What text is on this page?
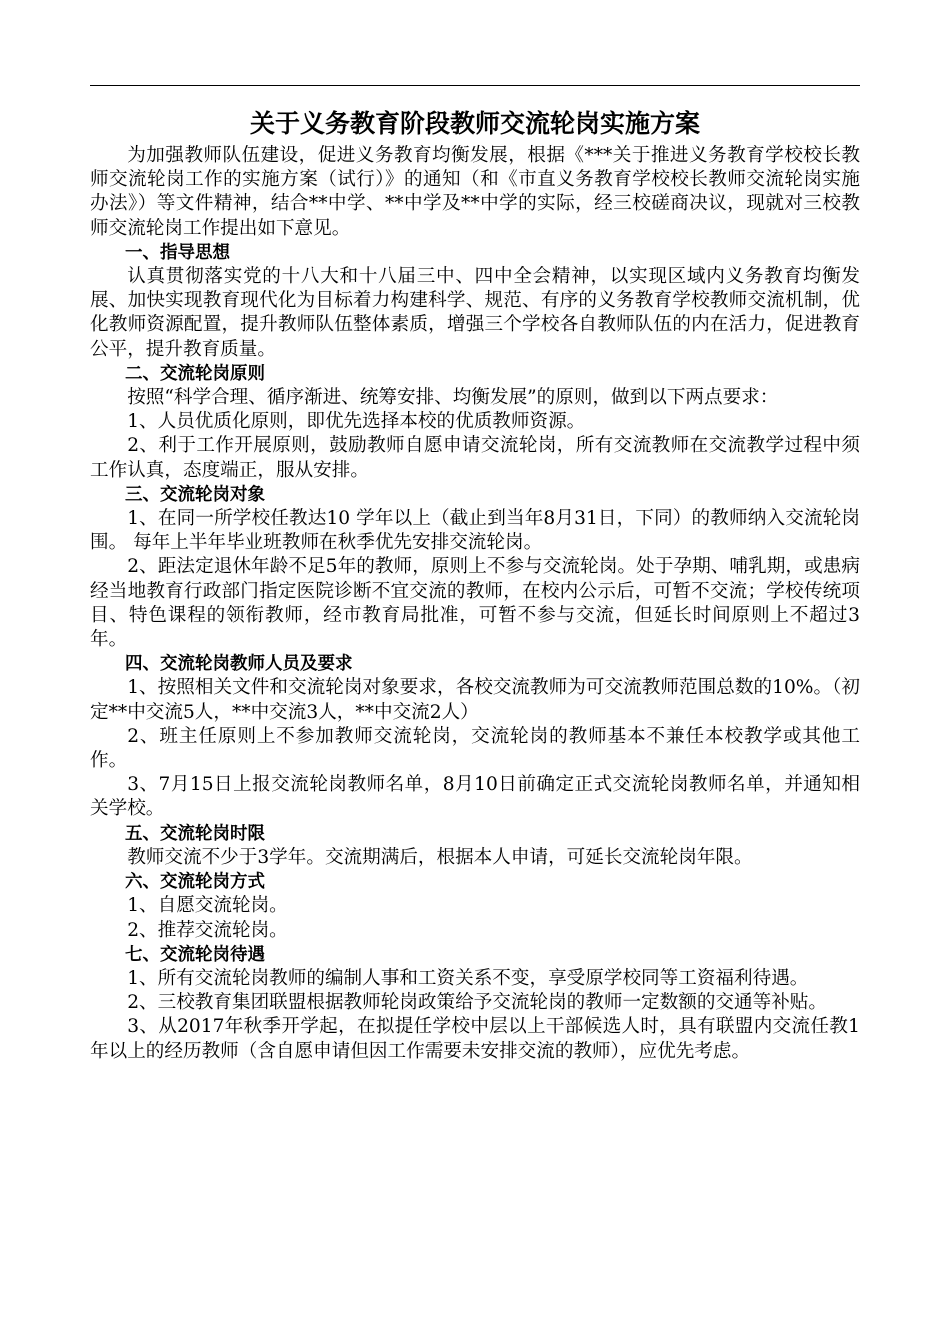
关于义务教育阶段教师交流轮岗实施方案

为加强教师队伍建设，促进义务教育均衡发展，根据《***关于推进义务教育学校校长教师交流轮岗工作的实施方案（试行）》的通知（和《市直义务教育学校校长教师交流轮岗实施办法》）等文件精神，结合**中学、**中学及**中学的实际，经三校磋商决议，现就对三校教师交流轮岗工作提出如下意见。

一、指导思想

认真贯彻落实党的十八大和十八届三中、四中全会精神，以实现区域内义务教育均衡发展、加快实现教育现代化为目标着力构建科学、规范、有序的义务教育学校教师交流机制，优化教师资源配置，提升教师队伍整体素质，增强三个学校各自教师队伍的内在活力，促进教育公平，提升教育质量。

二、交流轮岗原则

按照“科学合理、循序渐进、统筹安排、均衡发展”的原则，做到以下两点要求：

1、人员优质化原则，即优先选择本校的优质教师资源。

2、利于工作开展原则，鼓励教师自愿申请交流轮岗，所有交流教师在交流教学过程中须工作认真，态度端正，服从安排。

三、交流轮岗对象

1、在同一所学校任教达10 学年以上（截止到当年8月31日，下同）的教师纳入交流轮岗围。 每年上半年毕业班教师在秋季优先安排交流轮岗。

2、距法定退休年龄不足5年的教师，原则上不参与交流轮岗。处于孕期、哺乳期，或患病经当地教育行政部门指定医院诊断不宜交流的教师，在校内公示后，可暂不交流；学校传统项目、特色课程的领衔教师，经市教育局批准，可暂不参与交流，但延长时间原则上不超过3年。

四、交流轮岗教师人员及要求

1、按照相关文件和交流轮岗对象要求，各校交流教师为可交流教师范围总数的10%。（初定**中交流5人，**中交流3人，**中交流2人）

2、班主任原则上不参加教师交流轮岗，交流轮岗的教师基本不兼任本校教学或其他工作。

3、7月15日上报交流轮岗教师名单，8月10日前确定正式交流轮岗教师名单，并通知相关学校。

五、交流轮岗时限

教师交流不少于3学年。交流期满后，根据本人申请，可延长交流轮岗年限。

六、交流轮岗方式

1、自愿交流轮岗。

2、推荐交流轮岗。

七、交流轮岗待遇

1、所有交流轮岗教师的编制人事和工资关系不变，享受原学校同等工资福利待遇。

2、三校教育集团联盟根据教师轮岗政策给予交流轮岗的教师一定数额的交通等补贴。

3、从2017年秋季开学起，在拟提任学校中层以上干部候选人时，具有联盟内交流任教1年以上的经历教师（含自愿申请但因工作需要未安排交流的教师），应优先考虑。
